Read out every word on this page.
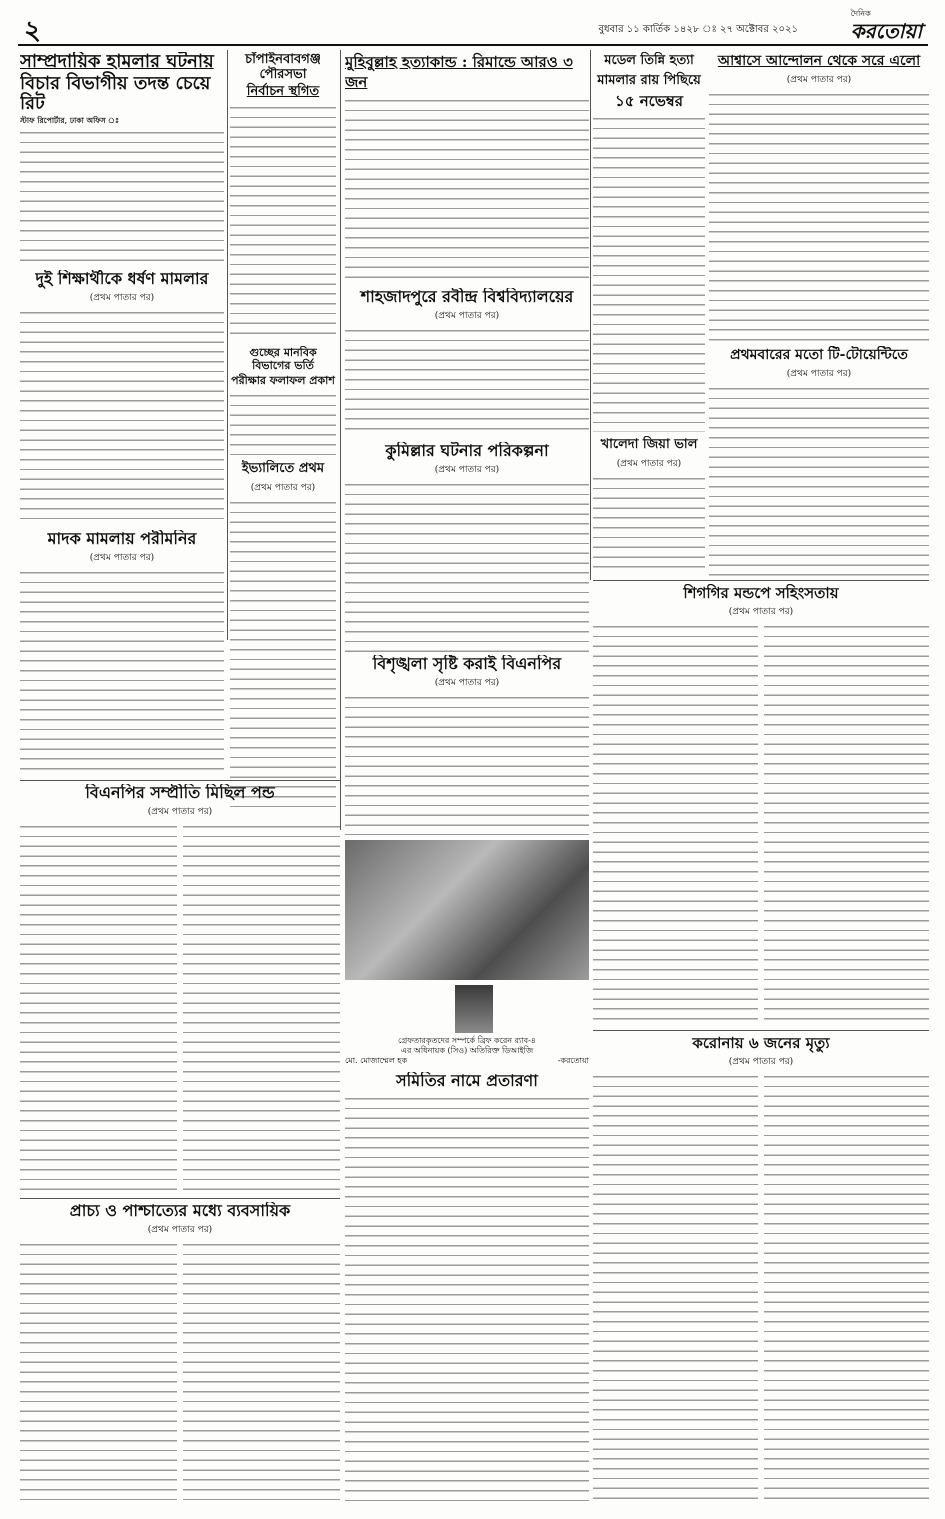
২	বুধবার ১১ কার্তিক ১৪২৮ ঃ ২৭ অক্টোবর ২০২১
দৈনিক
করতোয়া
সাম্প্রদায়িক হামলার ঘটনায়
বিচার বিভাগীয় তদন্ত চেয়ে রিট
স্টাফ রিপোর্টার, ঢাকা অফিস ঃ
দুই শিক্ষার্থীকে ধর্ষণ মামলার
(প্রথম পাতার পর)
মাদক মামলায় পরীমনির
(প্রথম পাতার পর)
চাঁপাইনবাবগঞ্জ পৌরসভা
নির্বাচন স্থগিত
গুচ্ছের মানবিক বিভাগের ভর্তি
পরীক্ষার ফলাফল প্রকাশ
ইভ্যালিতে প্রথম
(প্রথম পাতার পর)
মুহিবুল্লাহ হত্যাকান্ড : রিমান্ডে আরও ৩ জন
শাহজাদপুরে রবীন্দ্র বিশ্ববিদ্যালয়ের
(প্রথম পাতার পর)
কুমিল্লার ঘটনার পরিকল্পনা
(প্রথম পাতার পর)
বিশৃঙ্খলা সৃষ্টি করাই বিএনপির
(প্রথম পাতার পর)
মডেল তিন্নি হত্যা
মামলার রায় পিছিয়ে
১৫ নভেম্বর
খালেদা জিয়া ভাল
(প্রথম পাতার পর)
আশ্বাসে আন্দোলন থেকে সরে এলো
(প্রথম পাতার পর)
প্রথমবারের মতো টি-টোয়েন্টিতে
(প্রথম পাতার পর)
শিগগির মন্ডপে সহিংসতায়
(প্রথম পাতার পর)
বিএনপির সম্প্রীতি মিছিল পন্ড
(প্রথম পাতার পর)
প্রাচ্য ও পাশ্চাত্যের মধ্যে ব্যবসায়িক
(প্রথম পাতার পর)
গ্রেফতারকৃতদের সম্পর্কে ব্রিফ করেন র‌্যাব-৪
এর অধিনায়ক (সিও) অতিরিক্ত ডিআইজি
মো. মোজাম্মেল হক	-করতোয়া
সমিতির নামে প্রতারণা
করোনায় ৬ জনের মৃত্যু
(প্রথম পাতার পর)
